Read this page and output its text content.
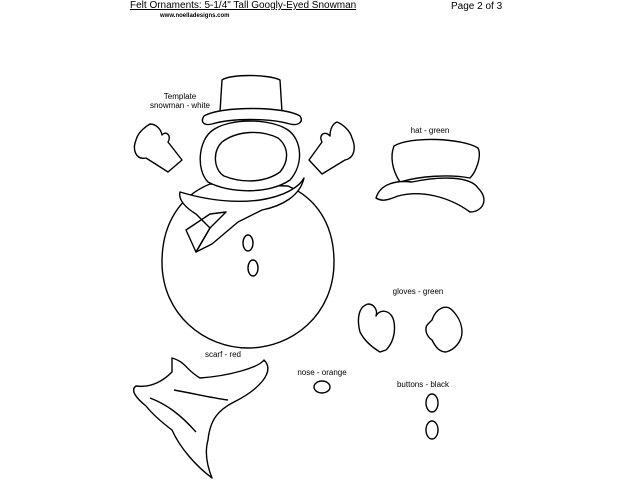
Felt Ornaments: 5-1/4" Tall Googly-Eyed Snowman
www.noelladesigns.com
Page 2 of 3
Template
snowman - white
hat - green
gloves - green
scarf - red
nose - orange
buttons - black
